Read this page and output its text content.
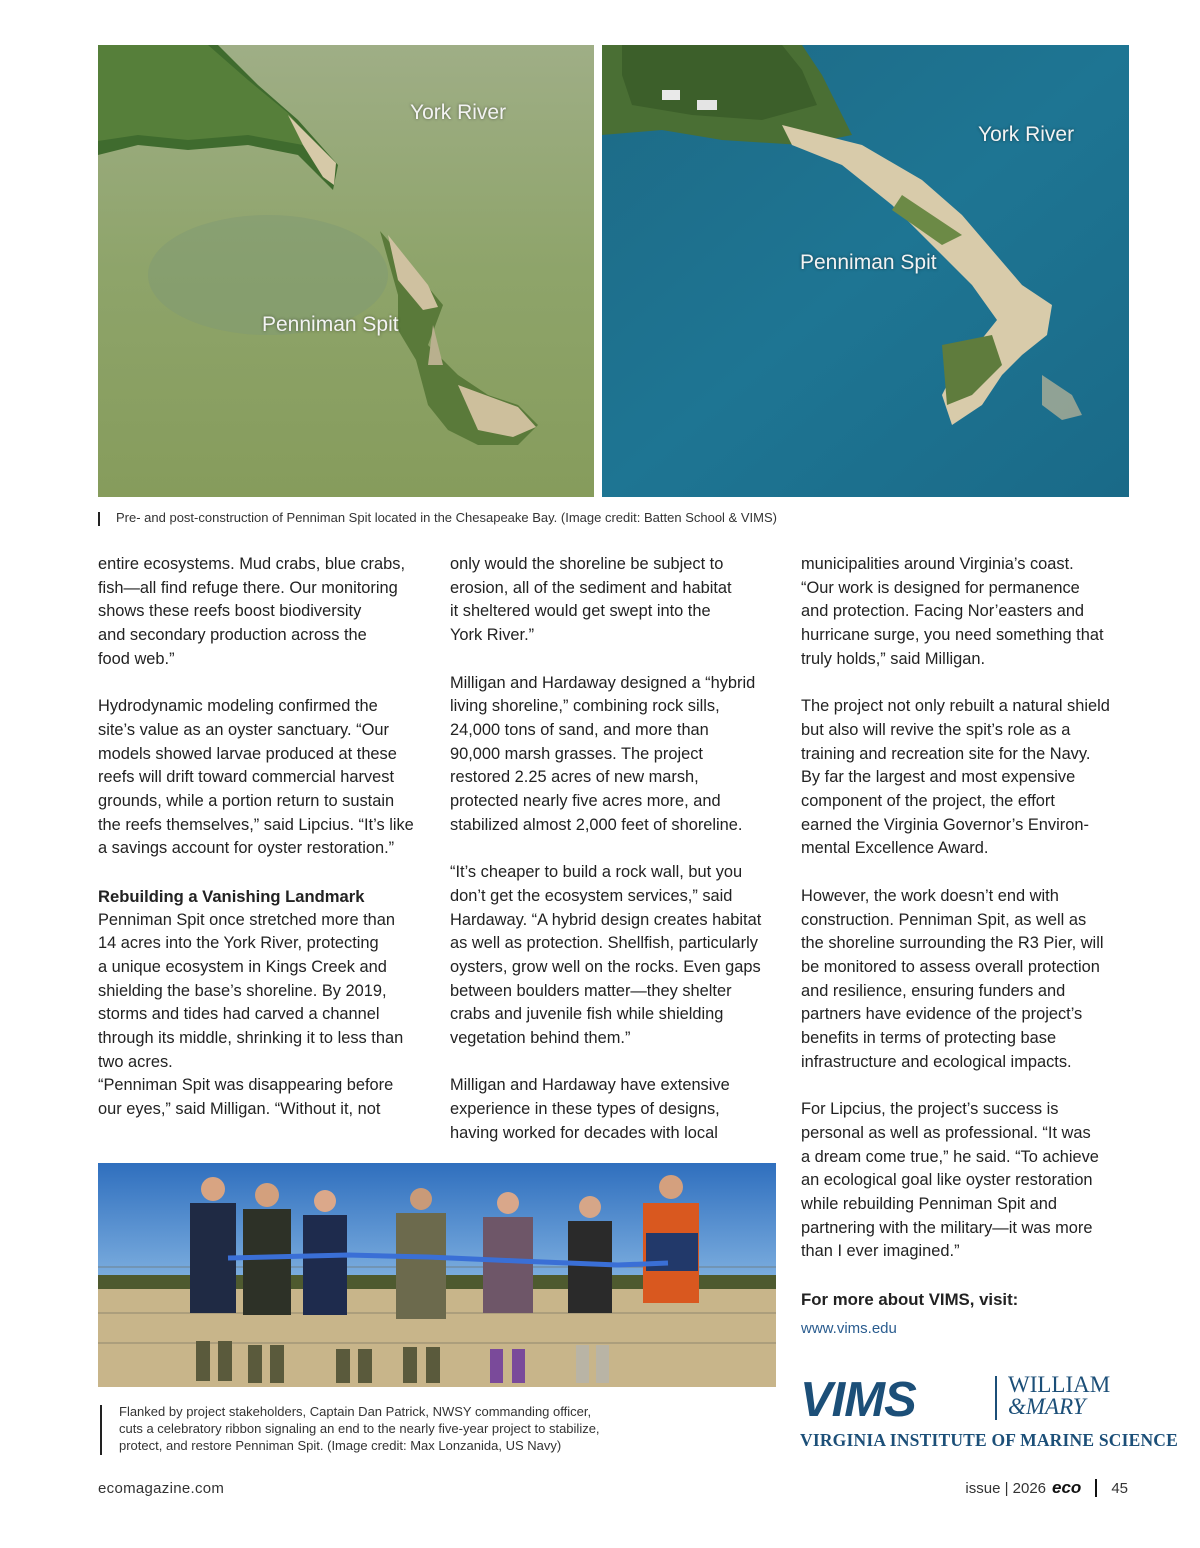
York River
Penniman Spit
York River
Penniman Spit
Pre- and post-construction of Penniman Spit located in the Chesapeake Bay. (Image credit: Batten School & VIMS)

entire ecosystems. Mud crabs, blue crabs,
fish—all find refuge there. Our monitoring
shows these reefs boost biodiversity
and secondary production across the
food web.”

Hydrodynamic modeling confirmed the
site’s value as an oyster sanctuary. “Our
models showed larvae produced at these
reefs will drift toward commercial harvest
grounds, while a portion return to sustain
the reefs themselves,” said Lipcius. “It’s like
a savings account for oyster restoration.”

Rebuilding a Vanishing Landmark

Penniman Spit once stretched more than
14 acres into the York River, protecting
a unique ecosystem in Kings Creek and
shielding the base’s shoreline. By 2019,
storms and tides had carved a channel
through its middle, shrinking it to less than
two acres.

“Penniman Spit was disappearing before
our eyes,” said Milligan. “Without it, not

only would the shoreline be subject to
erosion, all of the sediment and habitat
it sheltered would get swept into the
York River.”

Milligan and Hardaway designed a “hybrid
living shoreline,” combining rock sills,
24,000 tons of sand, and more than
90,000 marsh grasses. The project
restored 2.25 acres of new marsh,
protected nearly five acres more, and
stabilized almost 2,000 feet of shoreline.

“It’s cheaper to build a rock wall, but you
don’t get the ecosystem services,” said
Hardaway. “A hybrid design creates habitat
as well as protection. Shellfish, particularly
oysters, grow well on the rocks. Even gaps
between boulders matter—they shelter
crabs and juvenile fish while shielding
vegetation behind them.”

Milligan and Hardaway have extensive
experience in these types of designs,
having worked for decades with local

municipalities around Virginia’s coast.
“Our work is designed for permanence
and protection. Facing Nor’easters and
hurricane surge, you need something that
truly holds,” said Milligan.

The project not only rebuilt a natural shield
but also will revive the spit’s role as a
training and recreation site for the Navy.
By far the largest and most expensive
component of the project, the effort
earned the Virginia Governor’s Environ-
mental Excellence Award.

However, the work doesn’t end with
construction. Penniman Spit, as well as
the shoreline surrounding the R3 Pier, will
be monitored to assess overall protection
and resilience, ensuring funders and
partners have evidence of the project’s
benefits in terms of protecting base
infrastructure and ecological impacts.

For Lipcius, the project’s success is
personal as well as professional. “It was
a dream come true,” he said. “To achieve
an ecological goal like oyster restoration
while rebuilding Penniman Spit and
partnering with the military—it was more
than I ever imagined.”

For more about VIMS, visit:
www.vims.edu
Flanked by project stakeholders, Captain Dan Patrick, NWSY commanding officer,
cuts a celebratory ribbon signaling an end to the nearly five-year project to stabilize,
protect, and restore Penniman Spit. (Image credit: Max Lonzanida, US Navy)
VIMS	WILLIAM
&MARY
VIRGINIA INSTITUTE OF MARINE SCIENCE
ecomagazine.com	issue | 2026 eco 45
